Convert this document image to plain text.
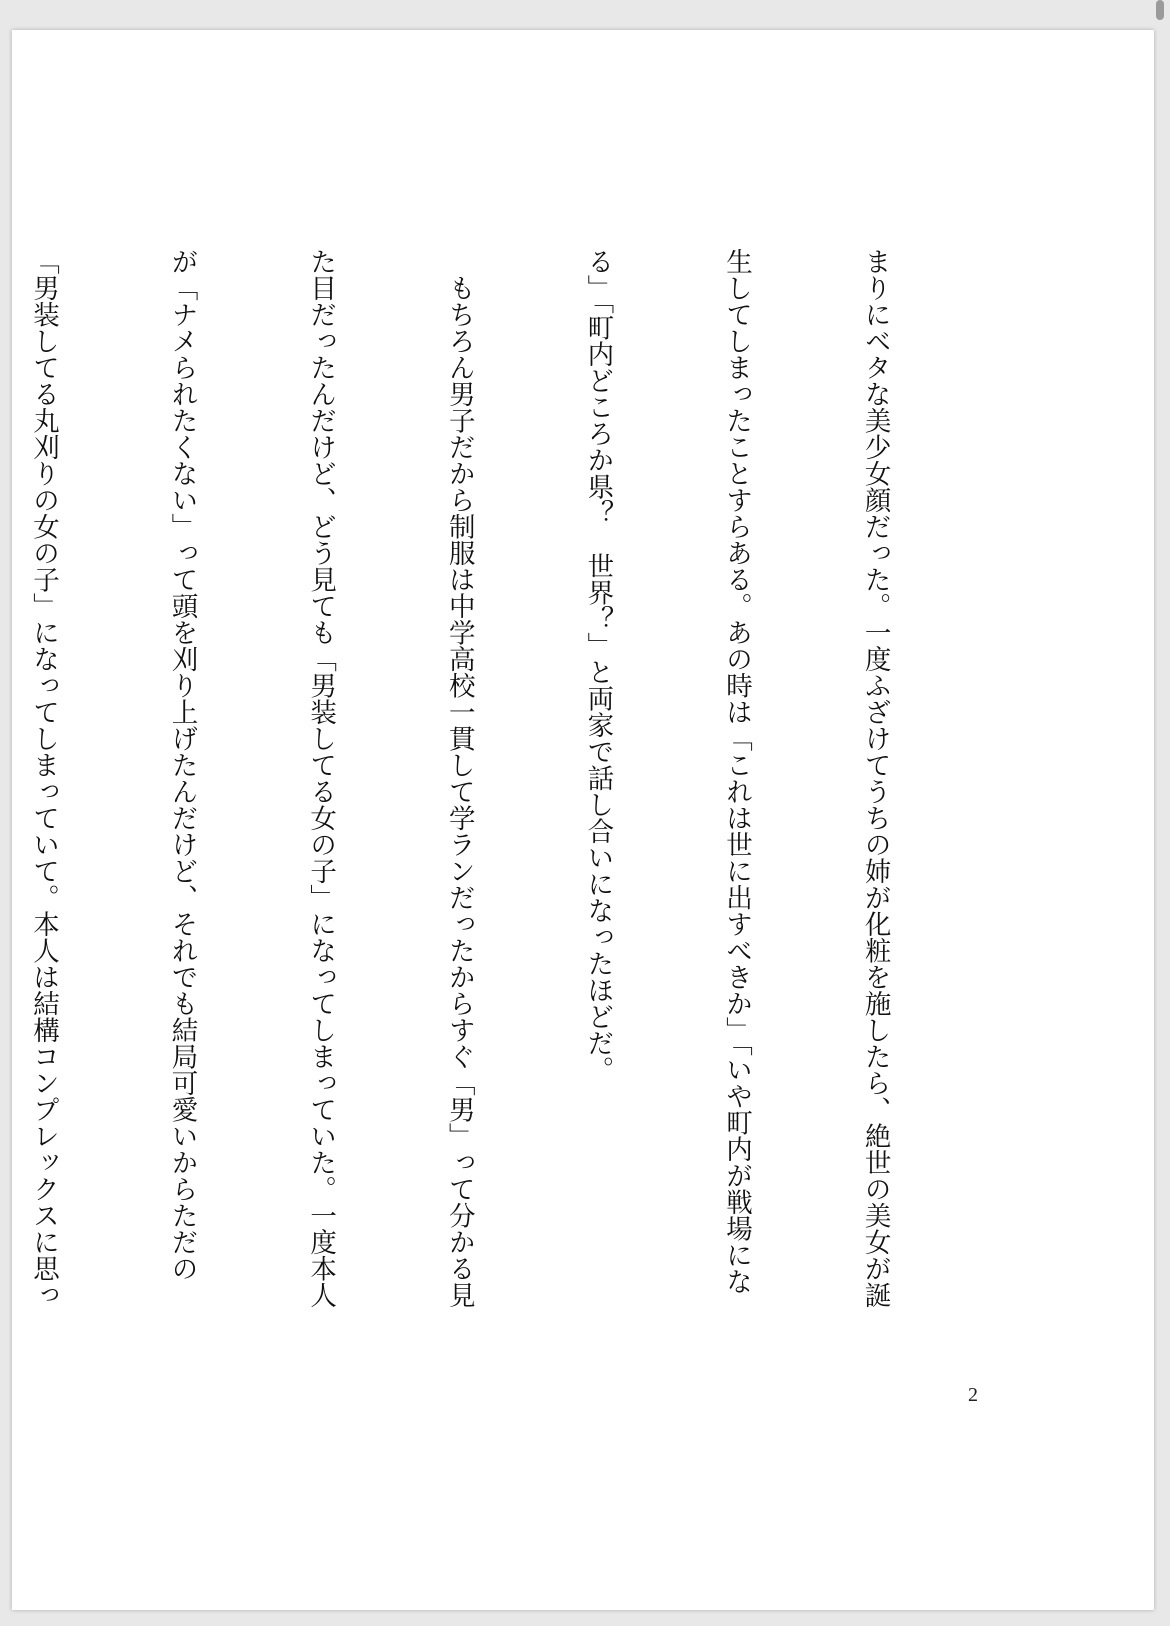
まりにベタな美少女顔だった。一度ふざけてうちの姉が化粧を施したら、絶世の美女が誕

生してしまったことすらある。あの時は「これは世に出すべきか」「いや町内が戦場にな

る」「町内どころか県？　世界？」と両家で話し合いになったほどだ。

　もちろん男子だから制服は中学高校一貫して学ランだったからすぐ「男」って分かる見

た目だったんだけど、どう見ても「男装してる女の子」になってしまっていた。一度本人

が「ナメられたくない」って頭を刈り上げたんだけど、それでも結局可愛いからただの

「男装してる丸刈りの女の子」になってしまっていて。本人は結構コンプレックスに思っ

2
